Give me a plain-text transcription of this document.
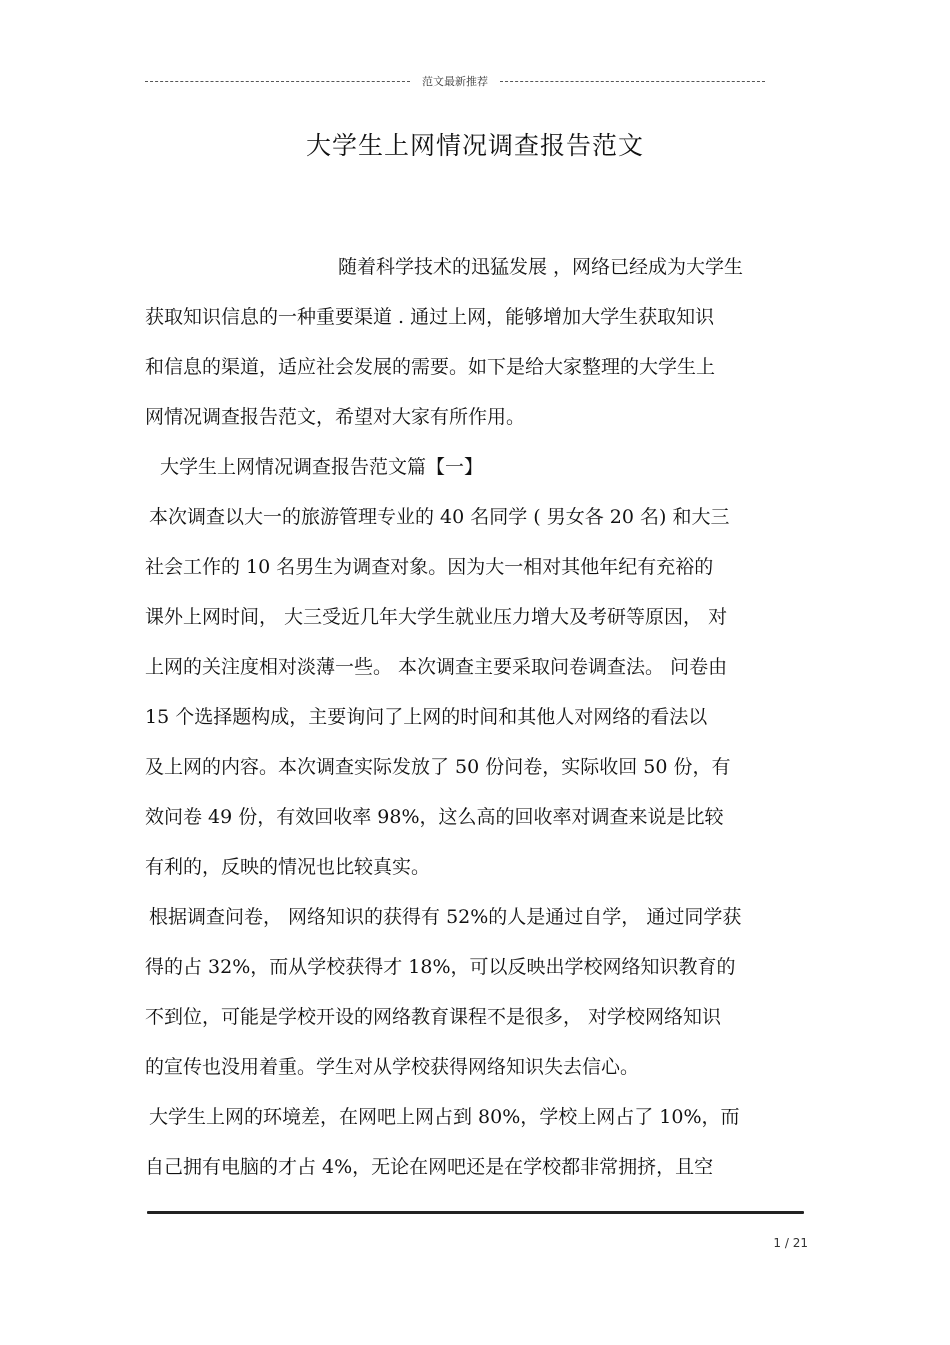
范文最新推荐
大学生上网情况调查报告范文

随着科学技术的迅猛发展 ，网络已经成为大学生

获取知识信息的一种重要渠道 . 通过上网，能够增加大学生获取知识

和信息的渠道，适应社会发展的需要。如下是给大家整理的大学生上

网情况调查报告范文，希望对大家有所作用。

大学生上网情况调查报告范文篇【一】

本次调查以大一的旅游管理专业的 40 名同学 ( 男女各 20 名) 和大三

社会工作的 10 名男生为调查对象。因为大一相对其他年纪有充裕的

课外上网时间， 大三受近几年大学生就业压力增大及考研等原因， 对

上网的关注度相对淡薄一些。 本次调查主要采取问卷调查法。 问卷由

15 个选择题构成，主要询问了上网的时间和其他人对网络的看法以

及上网的内容。本次调查实际发放了 50 份问卷，实际收回 50 份，有

效问卷 49 份，有效回收率 98%，这么高的回收率对调查来说是比较

有利的，反映的情况也比较真实。

根据调查问卷， 网络知识的获得有 52%的人是通过自学， 通过同学获

得的占 32%，而从学校获得才 18%，可以反映出学校网络知识教育的

不到位，可能是学校开设的网络教育课程不是很多， 对学校网络知识

的宣传也没用着重。学生对从学校获得网络知识失去信心。

大学生上网的环境差，在网吧上网占到 80%，学校上网占了 10%，而

自己拥有电脑的才占 4%，无论在网吧还是在学校都非常拥挤，且空

1 / 21
